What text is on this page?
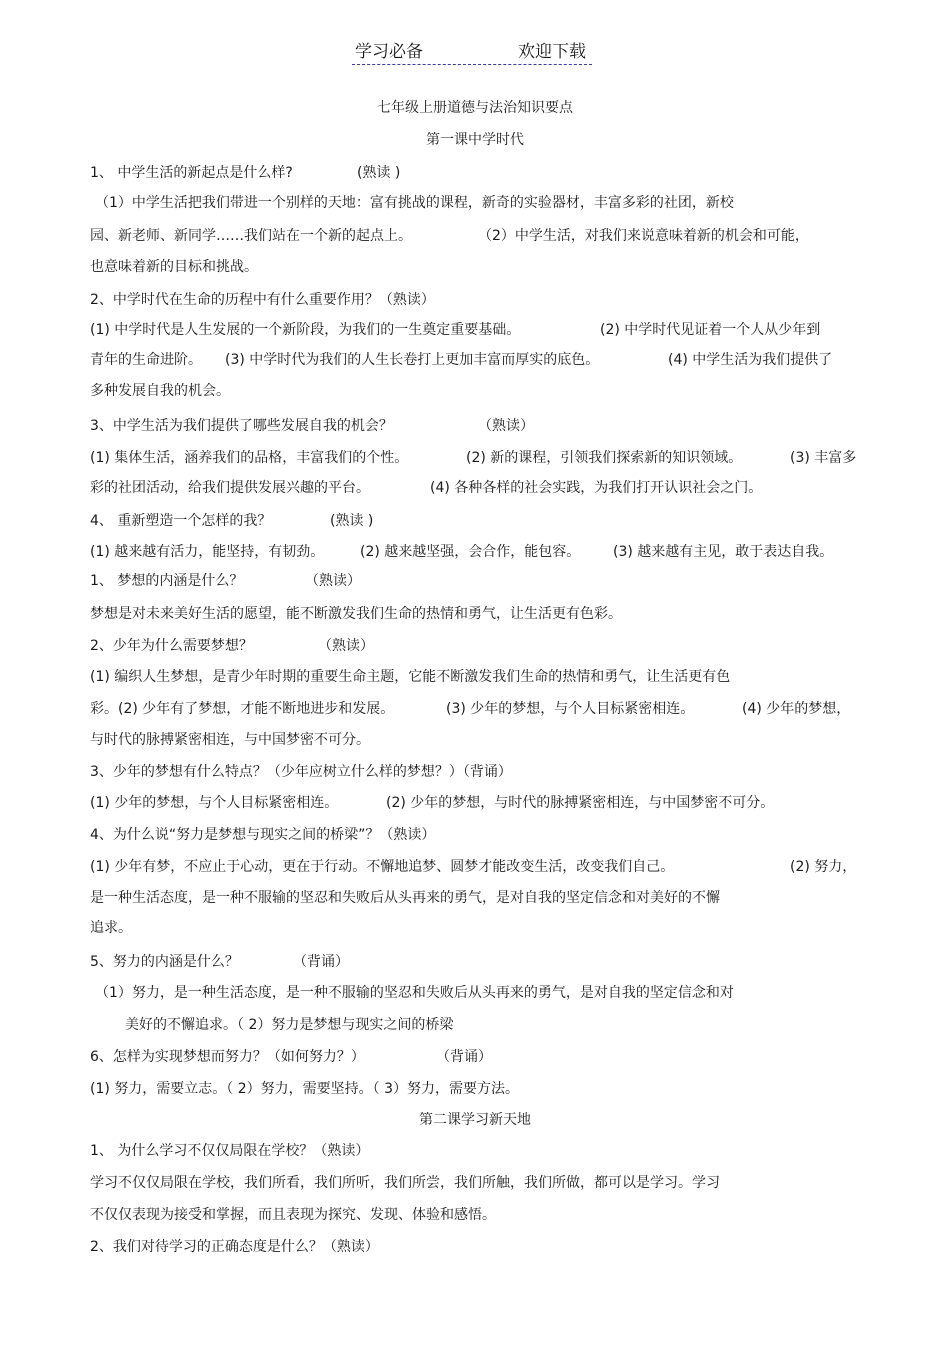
学习必备	欢迎下载
七年级上册道德与法治知识要点
第一课中学时代
1、 中学生活的新起点是什么样?	(熟读 )
（1）中学生活把我们带进一个别样的天地：富有挑战的课程，新奇的实验器材，丰富多彩的社团，新校
园、新老师、新同学……我们站在一个新的起点上。	（2）中学生活，对我们来说意味着新的机会和可能，
也意味着新的目标和挑战。
2、中学时代在生命的历程中有什么重要作用？（熟读）
(1) 中学时代是人生发展的一个新阶段，为我们的一生奠定重要基础。	(2) 中学时代见证着一个人从少年到
青年的生命进阶。 (3) 中学时代为我们的人生长卷打上更加丰富而厚实的底色。	(4) 中学生活为我们提供了
多种发展自我的机会。
3、中学生活为我们提供了哪些发展自我的机会？	（熟读）
(1) 集体生活，涵养我们的品格，丰富我们的个性。	(2) 新的课程，引领我们探索新的知识领域。	(3) 丰富多
彩的社团活动，给我们提供发展兴趣的平台。	(4) 各种各样的社会实践，为我们打开认识社会之门。
4、 重新塑造一个怎样的我？	(熟读 )
(1) 越来越有活力，能坚持，有韧劲。	(2) 越来越坚强，会合作，能包容。 (3) 越来越有主见，敢于表达自我。
1、 梦想的内涵是什么？	（熟读）
梦想是对未来美好生活的愿望，能不断激发我们生命的热情和勇气，让生活更有色彩。
2、少年为什么需要梦想？	（熟读）
(1) 编织人生梦想，是青少年时期的重要生命主题，它能不断激发我们生命的热情和勇气，让生活更有色
彩。(2) 少年有了梦想，才能不断地进步和发展。	(3) 少年的梦想，与个人目标紧密相连。	(4) 少年的梦想，
与时代的脉搏紧密相连，与中国梦密不可分。
3、少年的梦想有什么特点？（少年应树立什么样的梦想？）（背诵）
(1) 少年的梦想，与个人目标紧密相连。	(2) 少年的梦想，与时代的脉搏紧密相连，与中国梦密不可分。
4、为什么说“努力是梦想与现实之间的桥梁”？（熟读）
(1) 少年有梦，不应止于心动，更在于行动。不懈地追梦、圆梦才能改变生活，改变我们自己。	(2) 努力，
是一种生活态度，是一种不服输的坚忍和失败后从头再来的勇气，是对自我的坚定信念和对美好的不懈
追求。
5、努力的内涵是什么？	（背诵）
（1）努力，是一种生活态度，是一种不服输的坚忍和失败后从头再来的勇气，是对自我的坚定信念和对
美好的不懈追求。（ 2）努力是梦想与现实之间的桥梁
6、怎样为实现梦想而努力？（如何努力？）	（背诵）
(1) 努力，需要立志。（ 2）努力，需要坚持。（ 3）努力，需要方法。
第二课学习新天地
1、 为什么学习不仅仅局限在学校？（熟读）
学习不仅仅局限在学校，我们所看，我们所听，我们所尝，我们所触，我们所做，都可以是学习。学习
不仅仅表现为接受和掌握，而且表现为探究、发现、体验和感悟。
2、我们对待学习的正确态度是什么？（熟读）
